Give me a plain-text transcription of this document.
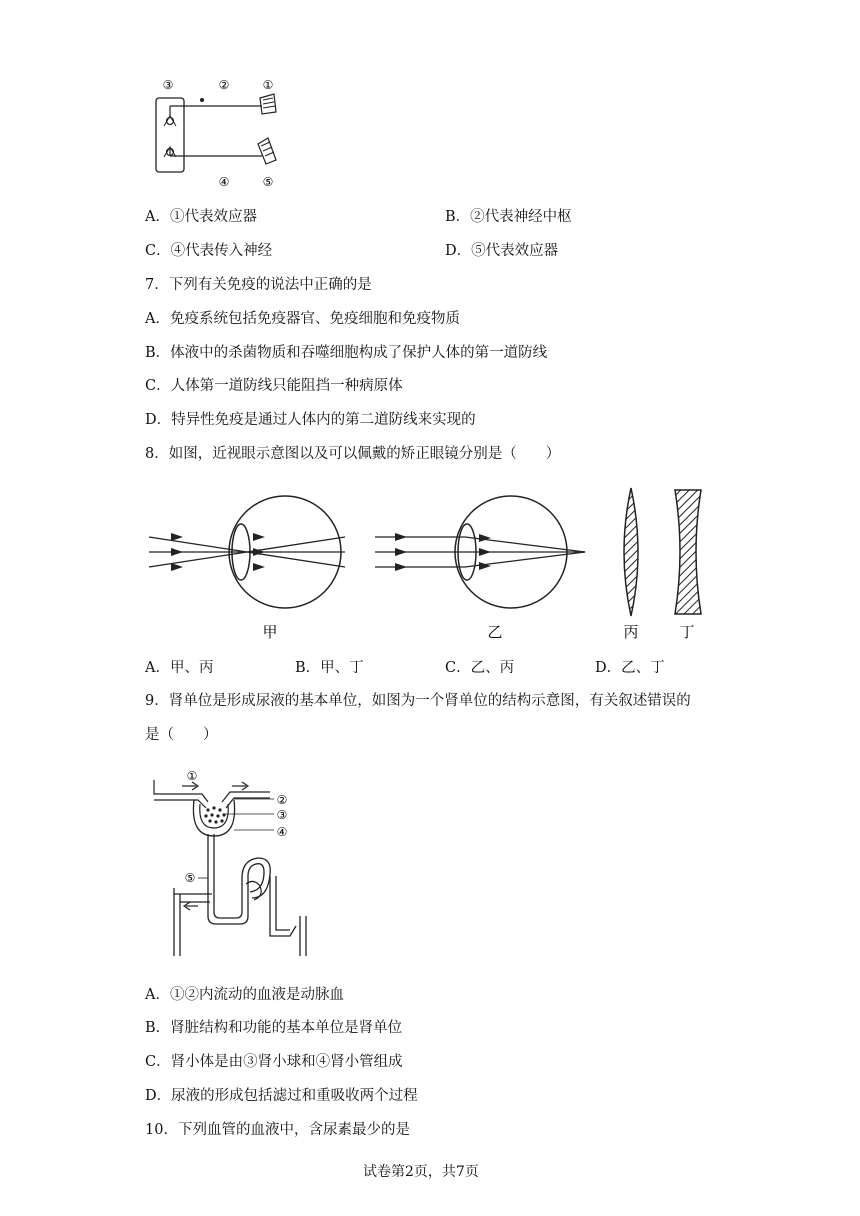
③	②	①
④	⑤
A．①代表效应器	B．②代表神经中枢
C．④代表传入神经	D．⑤代表效应器
7．下列有关免疫的说法中正确的是
A．免疫系统包括免疫器官、免疫细胞和免疫物质
B．体液中的杀菌物质和吞噬细胞构成了保护人体的第一道防线
C．人体第一道防线只能阻挡一种病原体
D．特异性免疫是通过人体内的第二道防线来实现的
8．如图，近视眼示意图以及可以佩戴的矫正眼镜分别是（　　）
甲	乙	丙	丁
A．甲、丙	B．甲、丁	C．乙、丙	D．乙、丁
9．肾单位是形成尿液的基本单位，如图为一个肾单位的结构示意图，有关叙述错误的
是（　　）
①
②
③
④
⑤
A．①②内流动的血液是动脉血
B．肾脏结构和功能的基本单位是肾单位
C．肾小体是由③肾小球和④肾小管组成
D．尿液的形成包括滤过和重吸收两个过程
10．下列血管的血液中，含尿素最少的是
试卷第2页，共7页
